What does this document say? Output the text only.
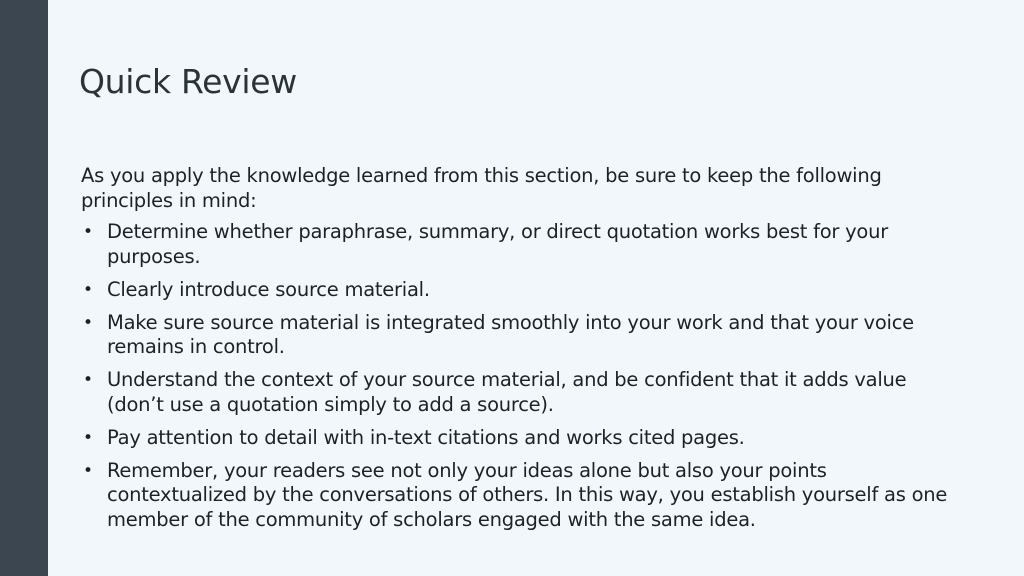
Quick Review

As you apply the knowledge learned from this section, be sure to keep the following principles in mind:

• Determine whether paraphrase, summary, or direct quotation works best for your purposes.
• Clearly introduce source material.
• Make sure source material is integrated smoothly into your work and that your voice remains in control.
• Understand the context of your source material, and be confident that it adds value (don’t use a quotation simply to add a source).
• Pay attention to detail with in-text citations and works cited pages.
• Remember, your readers see not only your ideas alone but also your points contextualized by the conversations of others. In this way, you establish yourself as one member of the community of scholars engaged with the same idea.
